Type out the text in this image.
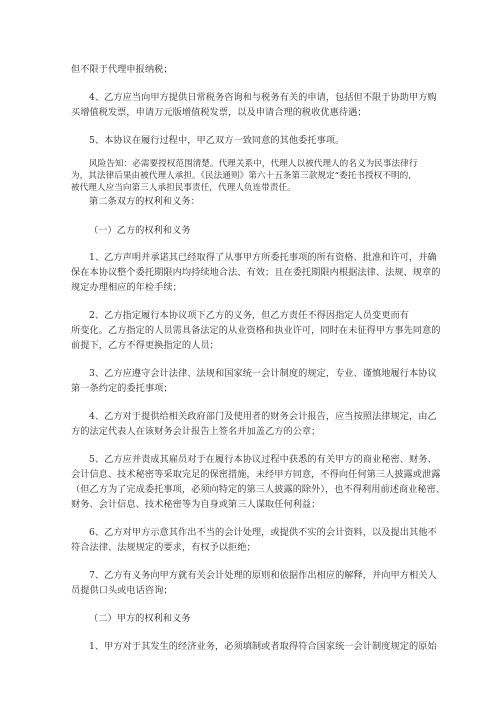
但不限于代理申报纳税；
4、乙方应当向甲方提供日常税务咨询和与税务有关的申请，包括但不限于协助甲方购
买增值税发票，申请万元版增值税发票，以及申请合理的税收优惠待遇；
5、本协议在履行过程中，甲乙双方一致同意的其他委托事项。
风险告知：必需要授权范围清楚。代理关系中，代理人以被代理人的名义为民事法律行
为，其法律后果由被代理人承担。《民法通则》第六十五条第三款规定“委托书授权不明的，
被代理人应当向第三人承担民事责任，代理人负连带责任。
第二条双方的权利和义务：
（一）乙方的权利和义务
1、乙方声明并承诺其已经取得了从事甲方所委托事项的所有资格、批准和许可，并确
保在本协议整个委托期限内均持续地合法、有效；且在委托期限内根据法律、法规、规章的
规定办理相应的年检手续；
2、乙方指定履行本协议项下乙方的义务，但乙方责任不得因指定人员变更而有
所变化。乙方指定的人员需具备法定的从业资格和执业许可，同时在未征得甲方事先同意的
前提下，乙方不得更换指定的人员；
3、乙方应遵守会计法律、法规和国家统一会计制度的规定，专业、谨慎地履行本协议
第一条约定的委托事项；
4、乙方对于提供给相关政府部门及使用者的财务会计报告，应当按照法律规定，由乙
方的法定代表人在该财务会计报告上签名并加盖乙方的公章；
5、乙方应并责成其雇员对于在履行本协议过程中获悉的有关甲方的商业秘密、财务、
会计信息、技术秘密等采取完足的保密措施，未经甲方同意，不得向任何第三人披露或泄露
（但乙方为了完成委托事项，必须向特定的第三人披露的除外），也不得利用前述商业秘密、
财务、会计信息、技术秘密等为自身或第三人谋取任何利益；
6、乙方对甲方示意其作出不当的会计处理，或提供不实的会计资料，以及提出其他不
符合法律、法规规定的要求，有权予以拒绝；
7、乙方有义务向甲方就有关会计处理的原则和依据作出相应的解释，并向甲方相关人
员提供口头或电话咨询；
（二）甲方的权利和义务
1、甲方对于其发生的经济业务，必须填制或者取得符合国家统一会计制度规定的原始
